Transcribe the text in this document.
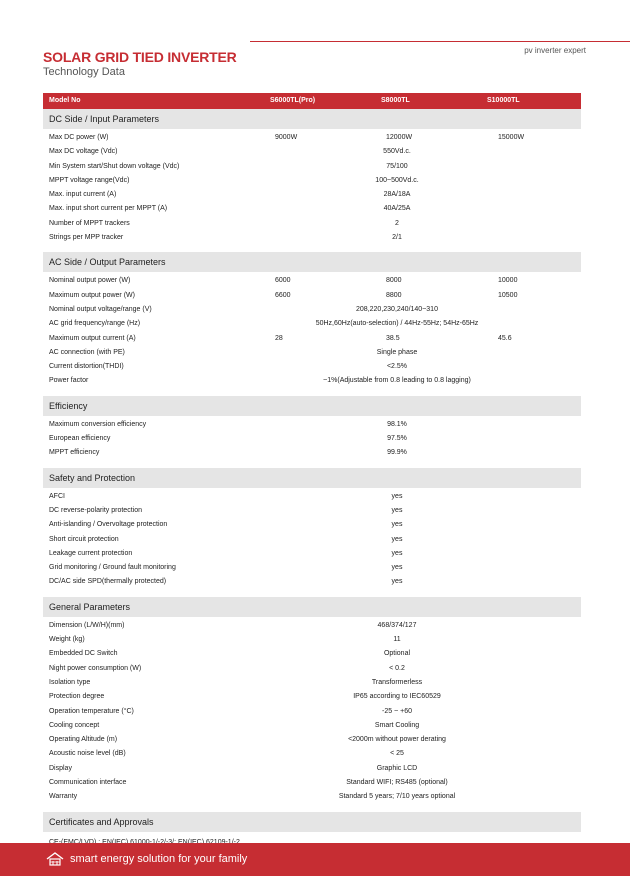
SOLAR GRID TIED INVERTER
Technology Data
pv inverter expert
Model No	S6000TL(Pro)	S8000TL	S10000TL
DC Side / Input Parameters
Max DC power (W)	9000W	12000W	15000W
Max DC voltage (Vdc)	550Vd.c.
Min System start/Shut down voltage (Vdc)	75/100
MPPT voltage range(Vdc)	100~500Vd.c.
Max. input current (A)	28A/18A
Max. input short current per MPPT (A)	40A/25A
Number of MPPT trackers	2
Strings per MPP tracker	2/1
AC Side / Output Parameters
Nominal output power (W)	6000	8000	10000
Maximum output power (W)	6600	8800	10500
Nominal output voltage/range (V)	208,220,230,240/140~310
AC grid frequency/range (Hz)	50Hz,60Hz(auto-selection) / 44Hz-55Hz; 54Hz-65Hz
Maximum output current (A)	28	38.5	45.6
AC connection (with PE)	Single phase
Current distortion(THDI)	<2.5%
Power factor	~1%(Adjustable from 0.8 leading to 0.8 lagging)
Efficiency
Maximum conversion efficiency	98.1%
European efficiency	97.5%
MPPT efficiency	99.9%
Safety and Protection
AFCI	yes
DC reverse-polarity protection	yes
Anti-islanding / Overvoltage protection	yes
Short circuit protection	yes
Leakage current protection	yes
Grid monitoring / Ground fault monitoring	yes
DC/AC side SPD(thermally protected)	yes
General Parameters
Dimension (L/W/H)(mm)	468/374/127
Weight (kg)	11
Embedded DC Switch	Optional
Night power consumption (W)	< 0.2
Isolation type	Transformerless
Protection degree	IP65 according to IEC60529
Operation temperature (°C)	-25 ~ +60
Cooling concept	Smart Cooling
Operating Altitude (m)	<2000m without power derating
Acoustic noise level (dB)	< 25
Display	Graphic LCD
Communication interface	Standard WIFI; RS485 (optional)
Warranty	Standard 5 years; 7/10 years optional
Certificates and Approvals
smart energy solution for your family
